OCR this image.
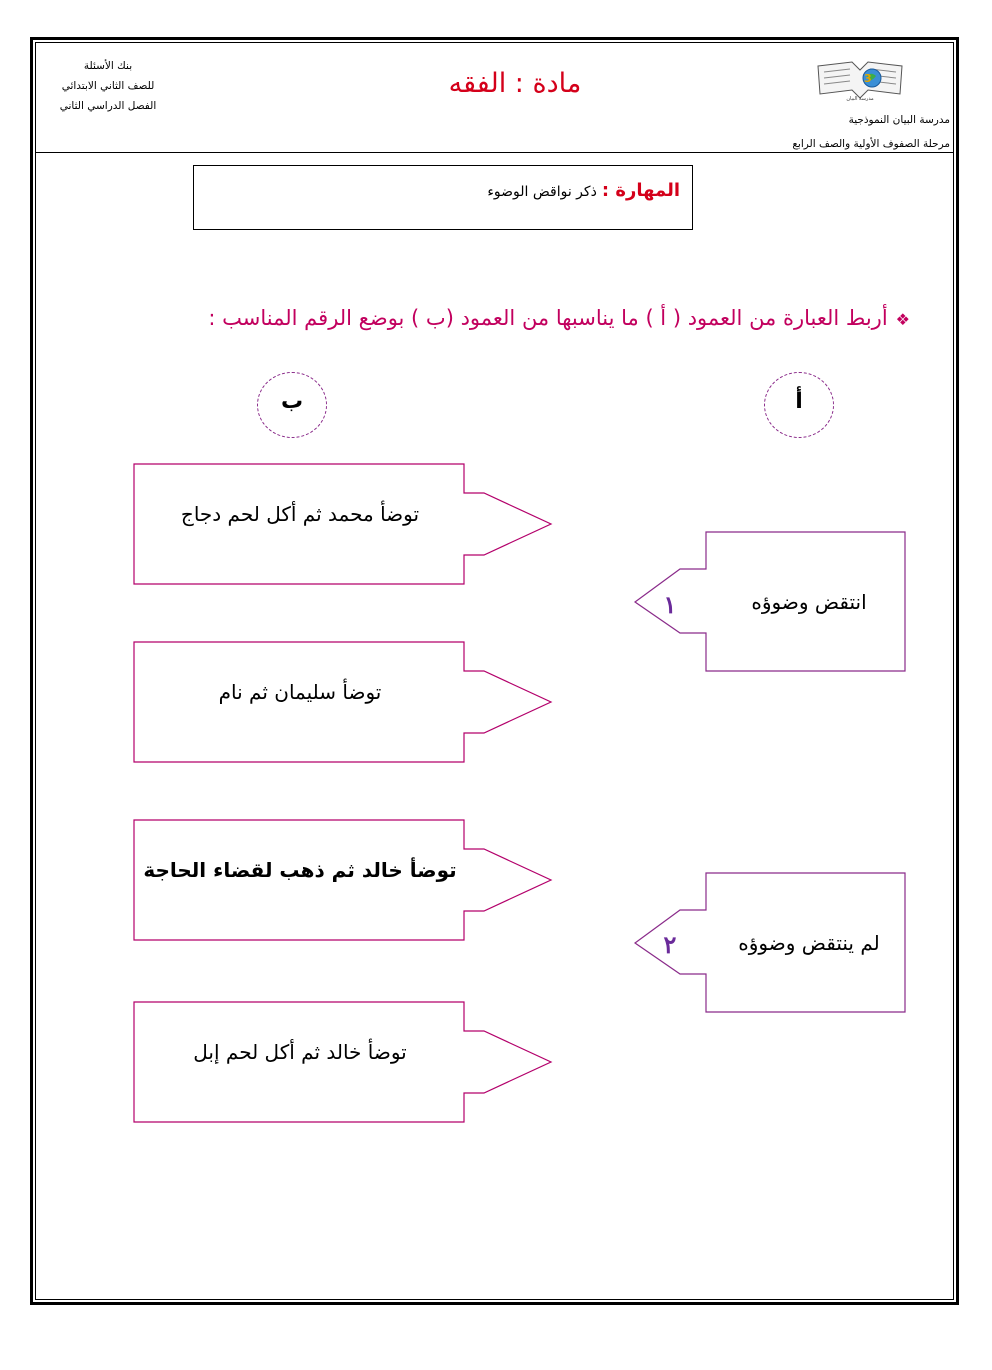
بنك الأسئلة
للصف الثاني الابتدائي
الفصل الدراسي الثاني
مادة : الفقه	3
مدرسة البيان
مدرسة البيان النموذجية
مرحلة الصفوف الأولية والصف الرابع
المهارة : ذكر نواقض الوضوء
❖أربط العبارة من العمود ( أ ) ما يناسبها من العمود (ب ) بوضع الرقم المناسب :
أ
ب
توضأ محمد ثم أكل لحم دجاج
توضأ سليمان ثم نام
توضأ خالد ثم ذهب لقضاء الحاجة
توضأ خالد ثم أكل لحم إبل
انتقض وضوؤه
١
لم ينتقض وضوؤه
٢
